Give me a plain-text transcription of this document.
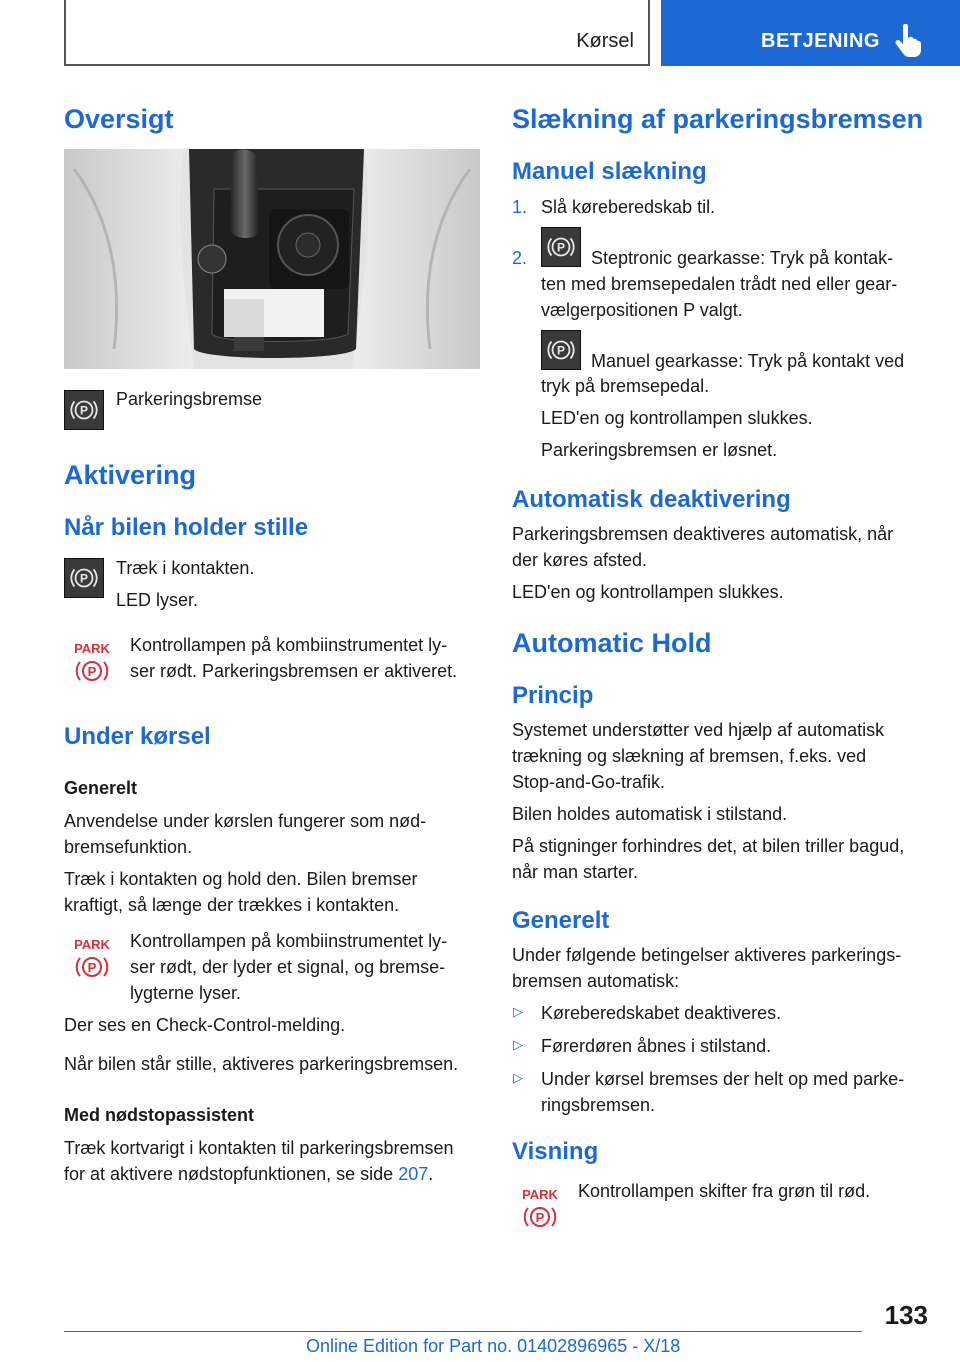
Kørsel	BETJENING
Oversigt
P
Parkeringsbremse
Aktivering
Når bilen holder stille
P
Træk i kontakten.
LED lyser.
PARK
P
Kontrollampen på kombiinstrumentet ly-
ser rødt. Parkeringsbremsen er aktiveret.
Under kørsel
Generelt
Anvendelse under kørslen fungerer som nød-
bremsefunktion.
Træk i kontakten og hold den. Bilen bremser
kraftigt, så længe der trækkes i kontakten.
PARK
P
Kontrollampen på kombiinstrumentet ly-
ser rødt, der lyder et signal, og bremse-
lygterne lyser.
Der ses en Check-Control-melding.
Når bilen står stille, aktiveres parkeringsbremsen.
Med nødstopassistent
Træk kortvarigt i kontakten til parkeringsbremsen
for at aktivere nødstopfunktionen, se side 207.
Slækning af parkeringsbremsen
Manuel slækning
1. Slå køreberedskab til.
2.
P
Steptronic gearkasse: Tryk på kontak-
ten med bremsepedalen trådt ned eller gear-
vælgerpositionen P valgt.
P
Manuel gearkasse: Tryk på kontakt ved
tryk på bremsepedal.
LED'en og kontrollampen slukkes.
Parkeringsbremsen er løsnet.
Automatisk deaktivering
Parkeringsbremsen deaktiveres automatisk, når
der køres afsted.
LED'en og kontrollampen slukkes.
Automatic Hold
Princip
Systemet understøtter ved hjælp af automatisk
trækning og slækning af bremsen, f.eks. ved
Stop-and-Go-trafik.
Bilen holdes automatisk i stilstand.
På stigninger forhindres det, at bilen triller bagud,
når man starter.
Generelt
Under følgende betingelser aktiveres parkerings-
bremsen automatisk:
▷ Køreberedskabet deaktiveres.
▷ Førerdøren åbnes i stilstand.
▷ Under kørsel bremses der helt op med parke-
ringsbremsen.
Visning
PARK
P
Kontrollampen skifter fra grøn til rød.
133
Online Edition for Part no. 01402896965 - X/18
